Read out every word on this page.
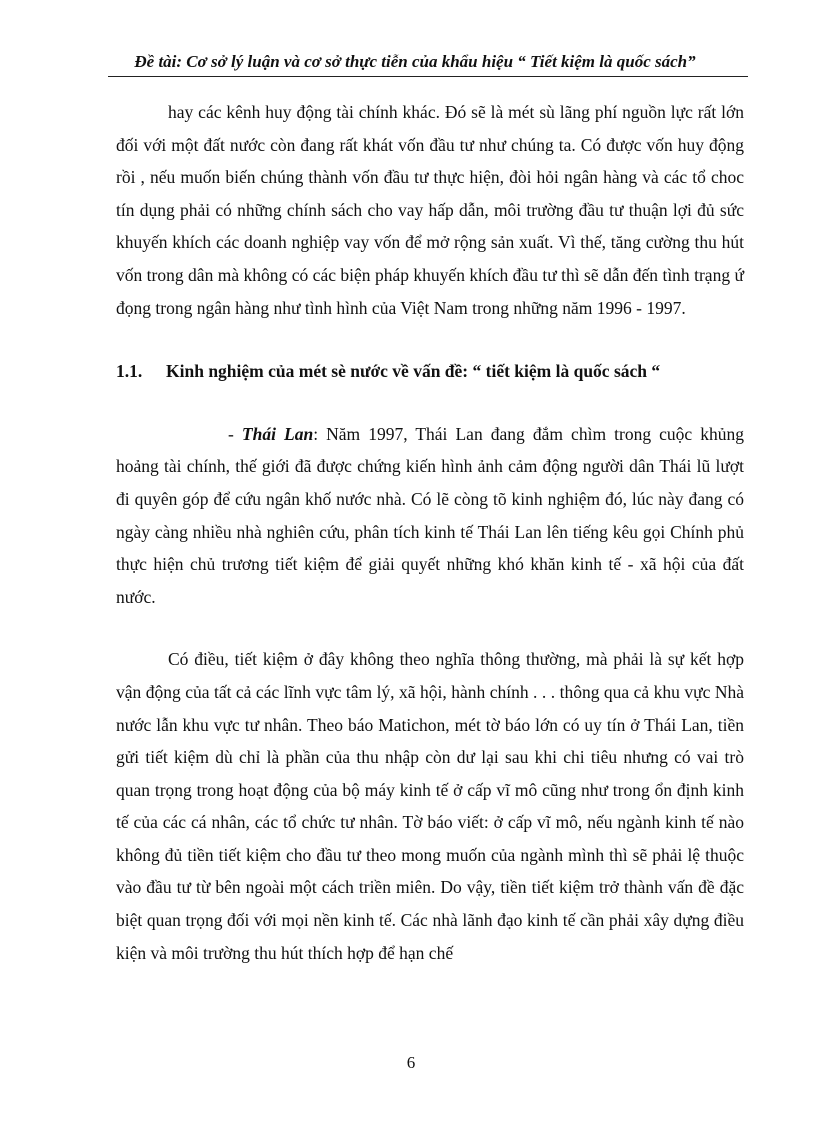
Đề tài: Cơ sở lý luận và cơ sở thực tiễn của khẩu hiệu “ Tiết kiệm là quốc sách”

hay các kênh huy động tài chính khác. Đó sẽ là mét sù lãng phí nguồn lực rất lớn đối với một đất nước còn đang rất khát vốn đầu tư như chúng ta. Có được vốn huy động rồi , nếu muốn biến chúng thành vốn đầu tư thực hiện, đòi hỏi ngân hàng và các tổ choc tín dụng phải có những chính sách cho vay hấp dẫn, môi trường đầu tư thuận lợi đủ sức khuyến khích các doanh nghiệp vay vốn để mở rộng sản xuất. Vì thế, tăng cường thu hút vốn trong dân mà không có các biện pháp khuyến khích đầu tư thì sẽ dẫn đến tình trạng ứ đọng trong ngân hàng như tình hình của Việt Nam trong những năm 1996 - 1997.

1.1. Kinh nghiệm của mét sè nước về vấn đề: “ tiết kiệm là quốc sách “

- Thái Lan: Năm 1997, Thái Lan đang đắm chìm trong cuộc khủng hoảng tài chính, thế giới đã được chứng kiến hình ảnh cảm động người dân Thái lũ lượt đi quyên góp để cứu ngân khố nước nhà. Có lẽ còng tõ kinh nghiệm đó, lúc này đang có ngày càng nhiều nhà nghiên cứu, phân tích kinh tế Thái Lan lên tiếng kêu gọi Chính phủ thực hiện chủ trương tiết kiệm để giải quyết những khó khăn kinh tế - xã hội của đất nước.

Có điều, tiết kiệm ở đây không theo nghĩa thông thường, mà phải là sự kết hợp vận động của tất cả các lĩnh vực tâm lý, xã hội, hành chính . . . thông qua cả khu vực Nhà nước lẫn khu vực tư nhân. Theo báo Matichon, mét tờ báo lớn có uy tín ở Thái Lan, tiền gửi tiết kiệm dù chỉ là phần của thu nhập còn dư lại sau khi chi tiêu nhưng có vai trò quan trọng trong hoạt động của bộ máy kinh tế ở cấp vĩ mô cũng như trong ổn định kinh tế của các cá nhân, các tổ chức tư nhân. Tờ báo viết: ở cấp vĩ mô, nếu ngành kinh tế nào không đủ tiền tiết kiệm cho đầu tư theo mong muốn của ngành mình thì sẽ phải lệ thuộc vào đầu tư từ bên ngoài một cách triền miên. Do vậy, tiền tiết kiệm trở thành vấn đề đặc biệt quan trọng đối với mọi nền kinh tế. Các nhà lãnh đạo kinh tế cần phải xây dựng điều kiện và môi trường thu hút thích hợp để hạn chế

6
